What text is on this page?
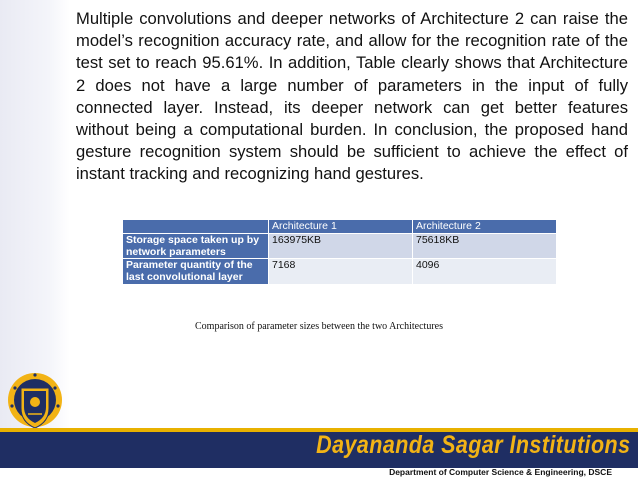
Multiple convolutions and deeper networks of Architecture 2 can raise the model’s recognition accuracy rate, and allow for the recognition rate of the test set to reach 95.61%. In addition, Table clearly shows that Architecture 2 does not have a large number of parameters in the input of fully connected layer. Instead, its deeper network can get better features without being a computational burden. In conclusion, the proposed hand gesture recognition system should be sufficient to achieve the effect of instant tracking and recognizing hand gestures.

	Architecture 1	Architecture 2
Storage space taken up by network parameters	163975KB	75618KB
Parameter quantity of the last convolutional layer	7168	4096
Comparison of parameter sizes between the two Architectures
Dayananda Sagar Institutions
Department of Computer Science & Engineering, DSCE
